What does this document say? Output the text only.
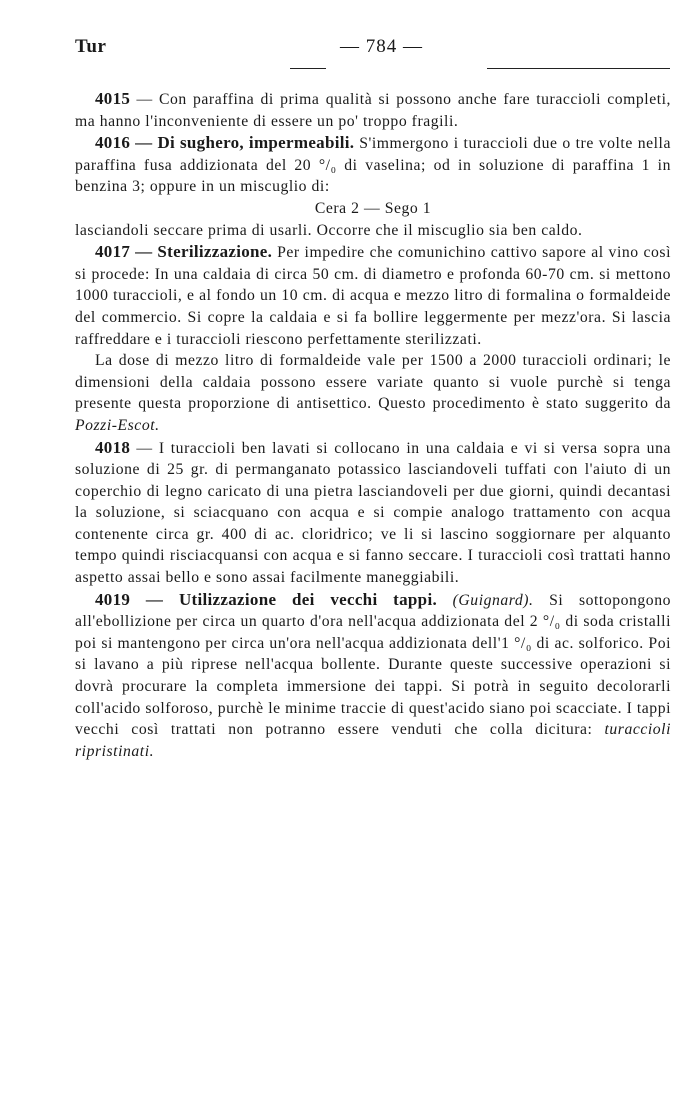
Tur	— 784 —

4015 — Con paraffina di prima qualità si possono anche fare turaccioli completi, ma hanno l'inconveniente di essere un po' troppo fragili.

4016 — Di sughero, impermeabili. S'immergono i turaccioli due o tre volte nella paraffina fusa addizionata del 20 °/₀ di vaselina; od in soluzione di paraffina 1 in benzina 3; oppure in un miscuglio di:

Cera 2 — Sego 1

lasciandoli seccare prima di usarli. Occorre che il miscuglio sia ben caldo.

4017 — Sterilizzazione. Per impedire che comunichino cattivo sapore al vino così si procede: In una caldaia di circa 50 cm. di diametro e profonda 60-70 cm. si mettono 1000 turaccioli, e al fondo un 10 cm. di acqua e mezzo litro di formalina o formaldeide del commercio. Si copre la caldaia e si fa bollire leggermente per mezz'ora. Si lascia raffreddare e i turaccioli riescono perfettamente sterilizzati.

La dose di mezzo litro di formaldeide vale per 1500 a 2000 turaccioli ordinari; le dimensioni della caldaia possono essere variate quanto si vuole purchè si tenga presente questa proporzione di antisettico. Questo procedimento è stato suggerito da Pozzi-Escot.

4018 — I turaccioli ben lavati si collocano in una caldaia e vi si versa sopra una soluzione di 25 gr. di permanganato potassico lasciandoveli tuffati con l'aiuto di un coperchio di legno caricato di una pietra lasciandoveli per due giorni, quindi decantasi la soluzione, si sciacquano con acqua e si compie analogo trattamento con acqua contenente circa gr. 400 di ac. cloridrico; ve li si lascino soggiornare per alquanto tempo quindi risciacquansi con acqua e si fanno seccare. I turaccioli così trattati hanno aspetto assai bello e sono assai facilmente maneggiabili.

4019 — Utilizzazione dei vecchi tappi. (Guignard). Si sottopongono all'ebollizione per circa un quarto d'ora nell'acqua addizionata del 2 °/₀ di soda cristalli poi si mantengono per circa un'ora nell'acqua addizionata dell'1 °/₀ di ac. solforico. Poi si lavano a più riprese nell'acqua bollente. Durante queste successive operazioni si dovrà procurare la completa immersione dei tappi. Si potrà in seguito decolorarli coll'acido solforoso, purchè le minime traccie di quest'acido siano poi scacciate. I tappi vecchi così trattati non potranno essere venduti che colla dicitura: turaccioli ripristinati.
